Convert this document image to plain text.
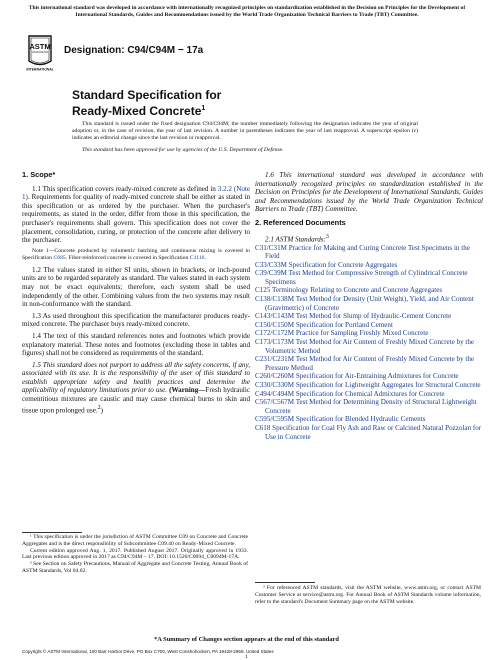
This international standard was developed in accordance with internationally recognized principles on standardization established in the Decision on Principles for the Development of International Standards, Guides and Recommendations issued by the World Trade Organization Technical Barriers to Trade (TBT) Committee.
ASTM
INTERNATIONAL
Designation: C94/C94M − 17a
Standard Specification for
Ready-Mixed Concrete$^1$

This standard is issued under the fixed designation C94/C94M; the number immediately following the designation indicates the year of original adoption or, in the case of revision, the year of last revision. A number in parentheses indicates the year of last reapproval. A superscript epsilon (ε) indicates an editorial change since the last revision or reapproval.

This standard has been approved for use by agencies of the U.S. Department of Defense.

1. Scope*

1.1 This specification covers ready-mixed concrete as defined in 3.2.2 (Note 1). Requirements for quality of ready-mixed concrete shall be either as stated in this specification or as ordered by the purchaser. When the purchaser's requirements, as stated in the order, differ from those in this specification, the purchaser's requirements shall govern. This specification does not cover the placement, consolidation, curing, or protection of the concrete after delivery to the purchaser.

Note 1—Concrete produced by volumetric batching and continuous mixing is covered in Specification C685. Fiber-reinforced concrete is covered in Specification C1116.

1.2 The values stated in either SI units, shown in brackets, or inch-pound units are to be regarded separately as standard. The values stated in each system may not be exact equivalents; therefore, each system shall be used independently of the other. Combining values from the two systems may result in non-conformance with the standard.

1.3 As used throughout this specification the manufacturer produces ready-mixed concrete. The purchaser buys ready-mixed concrete.

1.4 The text of this standard references notes and footnotes which provide explanatory material. These notes and footnotes (excluding those in tables and figures) shall not be considered as requirements of the standard.

1.5 This standard does not purport to address all the safety concerns, if any, associated with its use. It is the responsibility of the user of this standard to establish appropriate safety and health practices and determine the applicability of regulatory limitations prior to use. (Warning—Fresh hydraulic cementitious mixtures are caustic and may cause chemical burns to skin and tissue upon prolonged use.$^2$)

1.6 This international standard was developed in accordance with internationally recognized principles on standardization established in the Decision on Principles for the Development of International Standards, Guides and Recommendations issued by the World Trade Organization Technical Barriers to Trade (TBT) Committee.

2. Referenced Documents

2.1 ASTM Standards:$^3$

C31/C31M Practice for Making and Curing Concrete Test Specimens in the Field
C33/C33M Specification for Concrete Aggregates
C39/C39M Test Method for Compressive Strength of Cylindrical Concrete Specimens
C125 Terminology Relating to Concrete and Concrete Aggregates
C138/C138M Test Method for Density (Unit Weight), Yield, and Air Content (Gravimetric) of Concrete
C143/C143M Test Method for Slump of Hydraulic-Cement Concrete
C150/C150M Specification for Portland Cement
C172/C172M Practice for Sampling Freshly Mixed Concrete
C173/C173M Test Method for Air Content of Freshly Mixed Concrete by the Volumetric Method
C231/C231M Test Method for Air Content of Freshly Mixed Concrete by the Pressure Method
C260/C260M Specification for Air-Entraining Admixtures for Concrete
C330/C330M Specification for Lightweight Aggregates for Structural Concrete
C494/C494M Specification for Chemical Admixtures for Concrete
C567/C567M Test Method for Determining Density of Structural Lightweight Concrete
C595/C595M Specification for Blended Hydraulic Cements
C618 Specification for Coal Fly Ash and Raw or Calcined Natural Pozzolan for Use in Concrete
¹ This specification is under the jurisdiction of ASTM Committee C09 on Concrete and Concrete Aggregates and is the direct responsibility of Subcommittee C09.40 on Ready-Mixed Concrete.
Current edition approved Aug. 1, 2017. Published August 2017. Originally approved in 1933. Last previous edition approved in 2017 as C94/C94M – 17. DOI: 10.1520/C0094_C0094M-17A.
² See Section on Safety Precautions, Manual of Aggregate and Concrete Testing, Annual Book of ASTM Standards, Vol 04.02.
³ For referenced ASTM standards, visit the ASTM website, www.astm.org, or contact ASTM Customer Service at service@astm.org. For Annual Book of ASTM Standards volume information, refer to the standard's Document Summary page on the ASTM website.
*A Summary of Changes section appears at the end of this standard
Copyright © ASTM International, 100 Barr Harbor Drive, PO Box C700, West Conshohocken, PA 19428-2959. United States
1
